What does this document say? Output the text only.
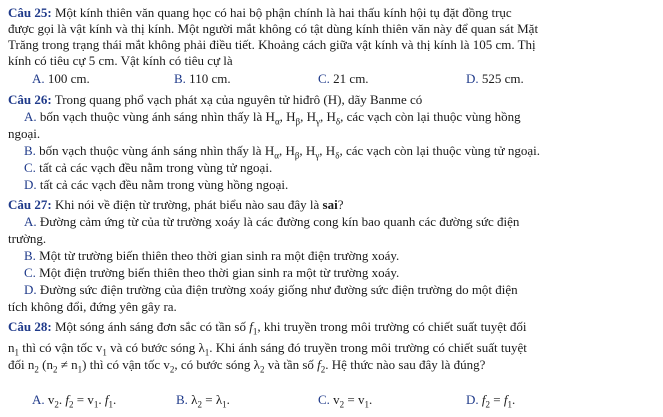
Câu 25: Một kính thiên văn quang học có hai bộ phận chính là hai thấu kính hội tụ đặt đồng trục
được gọi là vật kính và thị kính. Một người mắt không có tật dùng kính thiên văn này để quan sát Mặt
Trăng trong trạng thái mắt không phải điều tiết. Khoảng cách giữa vật kính và thị kính là 105 cm. Thị
kính có tiêu cự 5 cm. Vật kính có tiêu cự là
A. 100 cm.	B. 110 cm.	C. 21 cm.	D. 525 cm.
Câu 26: Trong quang phổ vạch phát xạ của nguyên tử hiđrô (H), dãy Banme có
A. bốn vạch thuộc vùng ánh sáng nhìn thấy là $H_\alpha$, $H_\beta$, $H_\gamma$, $H_\delta$, các vạch còn lại thuộc vùng hồng
ngoại.
B. bốn vạch thuộc vùng ánh sáng nhìn thấy là $H_\alpha$, $H_\beta$, $H_\gamma$, $H_\delta$, các vạch còn lại thuộc vùng tử ngoại.
C. tất cả các vạch đều nằm trong vùng tử ngoại.
D. tất cả các vạch đều nằm trong vùng hồng ngoại.
Câu 27: Khi nói về điện từ trường, phát biểu nào sau đây là sai?
A. Đường cảm ứng từ của từ trường xoáy là các đường cong kín bao quanh các đường sức điện
trường.
B. Một từ trường biến thiên theo thời gian sinh ra một điện trường xoáy.
C. Một điện trường biến thiên theo thời gian sinh ra một từ trường xoáy.
D. Đường sức điện trường của điện trường xoáy giống như đường sức điện trường do một điện
tích không đổi, đứng yên gây ra.
Câu 28: Một sóng ánh sáng đơn sắc có tần số $f_1$, khi truyền trong môi trường có chiết suất tuyệt đối
$n_1$ thì có vận tốc $v_1$ và có bước sóng $\lambda_1$. Khi ánh sáng đó truyền trong môi trường có chiết suất tuyệt
đối $n_2$ $(n_2 \ne n_1)$ thì có vận tốc $v_2$, có bước sóng $\lambda_2$ và tần số $f_2$. Hệ thức nào sau đây là đúng?
A. $v_2$. $f_2 = v_1$. $f_1$.	B. $\lambda_2 = \lambda_1$.	C. $v_2 = v_1$.	D. $f_2 = f_1$.
